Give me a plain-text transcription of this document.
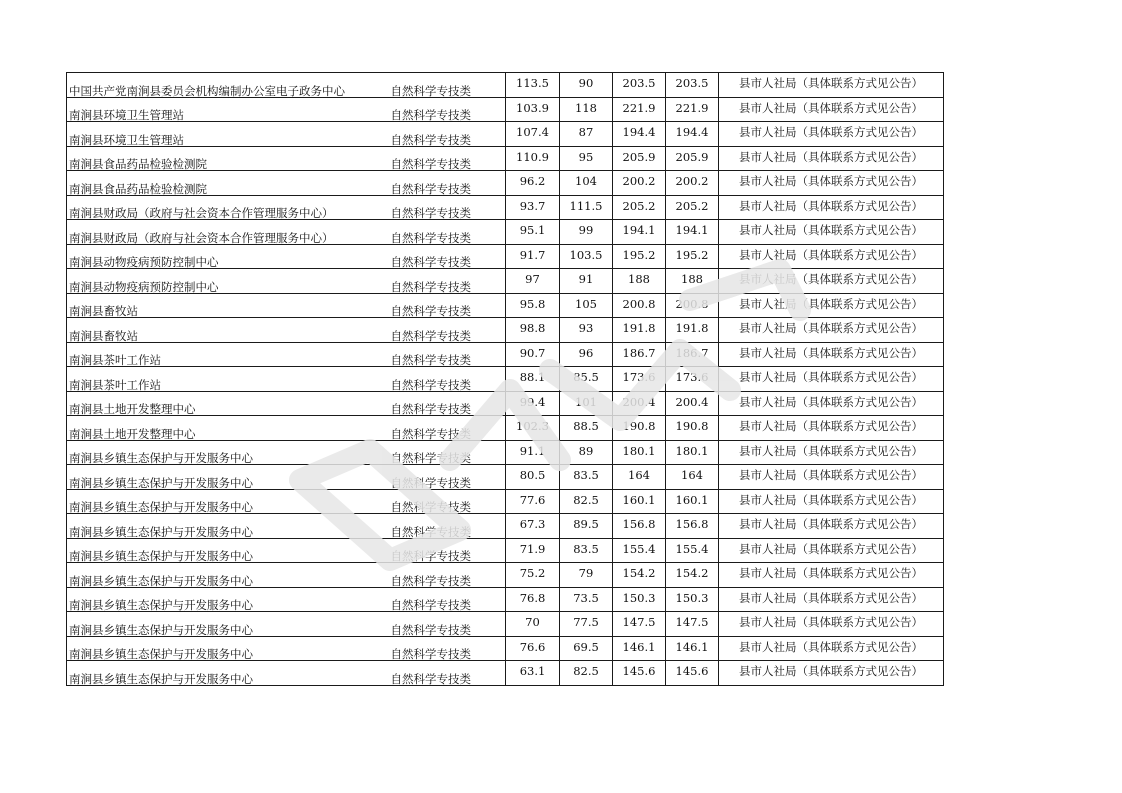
中国共产党南涧县委员会机构编制办公室电子政务中心	自然科学专技类	113.5	90	203.5	203.5	县市人社局（具体联系方式见公告）
南涧县环境卫生管理站	自然科学专技类	103.9	118	221.9	221.9	县市人社局（具体联系方式见公告）
南涧县环境卫生管理站	自然科学专技类	107.4	87	194.4	194.4	县市人社局（具体联系方式见公告）
南涧县食品药品检验检测院	自然科学专技类	110.9	95	205.9	205.9	县市人社局（具体联系方式见公告）
南涧县食品药品检验检测院	自然科学专技类	96.2	104	200.2	200.2	县市人社局（具体联系方式见公告）
南涧县财政局（政府与社会资本合作管理服务中心）	自然科学专技类	93.7	111.5	205.2	205.2	县市人社局（具体联系方式见公告）
南涧县财政局（政府与社会资本合作管理服务中心）	自然科学专技类	95.1	99	194.1	194.1	县市人社局（具体联系方式见公告）
南涧县动物疫病预防控制中心	自然科学专技类	91.7	103.5	195.2	195.2	县市人社局（具体联系方式见公告）
南涧县动物疫病预防控制中心	自然科学专技类	97	91	188	188	县市人社局（具体联系方式见公告）
南涧县畜牧站	自然科学专技类	95.8	105	200.8	200.8	县市人社局（具体联系方式见公告）
南涧县畜牧站	自然科学专技类	98.8	93	191.8	191.8	县市人社局（具体联系方式见公告）
南涧县茶叶工作站	自然科学专技类	90.7	96	186.7	186.7	县市人社局（具体联系方式见公告）
南涧县茶叶工作站	自然科学专技类	88.1	85.5	173.6	173.6	县市人社局（具体联系方式见公告）
南涧县土地开发整理中心	自然科学专技类	99.4	101	200.4	200.4	县市人社局（具体联系方式见公告）
南涧县土地开发整理中心	自然科学专技类	102.3	88.5	190.8	190.8	县市人社局（具体联系方式见公告）
南涧县乡镇生态保护与开发服务中心	自然科学专技类	91.1	89	180.1	180.1	县市人社局（具体联系方式见公告）
南涧县乡镇生态保护与开发服务中心	自然科学专技类	80.5	83.5	164	164	县市人社局（具体联系方式见公告）
南涧县乡镇生态保护与开发服务中心	自然科学专技类	77.6	82.5	160.1	160.1	县市人社局（具体联系方式见公告）
南涧县乡镇生态保护与开发服务中心	自然科学专技类	67.3	89.5	156.8	156.8	县市人社局（具体联系方式见公告）
南涧县乡镇生态保护与开发服务中心	自然科学专技类	71.9	83.5	155.4	155.4	县市人社局（具体联系方式见公告）
南涧县乡镇生态保护与开发服务中心	自然科学专技类	75.2	79	154.2	154.2	县市人社局（具体联系方式见公告）
南涧县乡镇生态保护与开发服务中心	自然科学专技类	76.8	73.5	150.3	150.3	县市人社局（具体联系方式见公告）
南涧县乡镇生态保护与开发服务中心	自然科学专技类	70	77.5	147.5	147.5	县市人社局（具体联系方式见公告）
南涧县乡镇生态保护与开发服务中心	自然科学专技类	76.6	69.5	146.1	146.1	县市人社局（具体联系方式见公告）
南涧县乡镇生态保护与开发服务中心	自然科学专技类	63.1	82.5	145.6	145.6	县市人社局（具体联系方式见公告）
